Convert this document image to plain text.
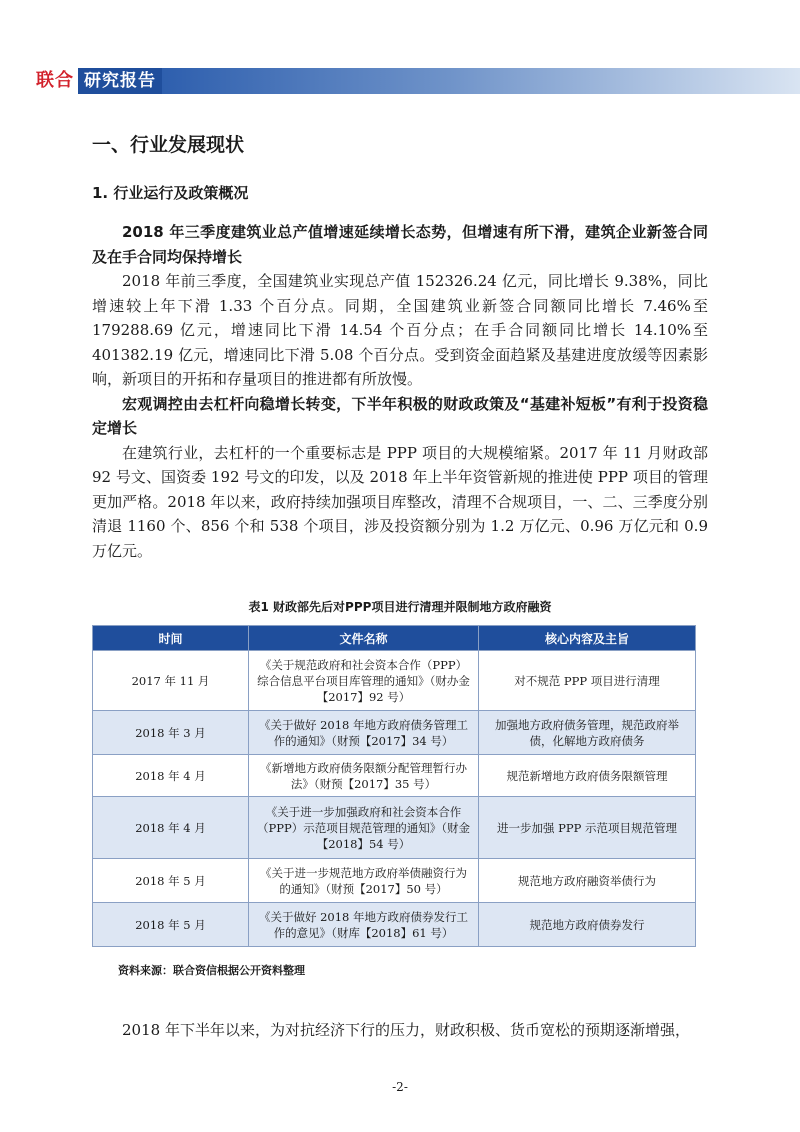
联合 研究报告
一、行业发展现状
1. 行业运行及政策概况

2018 年三季度建筑业总产值增速延续增长态势，但增速有所下滑，建筑企业新签合同及在手合同均保持增长

2018 年前三季度，全国建筑业实现总产值 152326.24 亿元，同比增长 9.38%，同比增速较上年下滑 1.33 个百分点。同期，全国建筑业新签合同额同比增长 7.46%至179288.69 亿元，增速同比下滑 14.54 个百分点；在手合同额同比增长 14.10%至 401382.19 亿元，增速同比下滑 5.08 个百分点。受到资金面趋紧及基建进度放缓等因素影响，新项目的开拓和存量项目的推进都有所放慢。

宏观调控由去杠杆向稳增长转变，下半年积极的财政政策及“基建补短板”有利于投资稳定增长

在建筑行业，去杠杆的一个重要标志是 PPP 项目的大规模缩紧。2017 年 11 月财政部 92 号文、国资委 192 号文的印发，以及 2018 年上半年资管新规的推进使 PPP 项目的管理更加严格。2018 年以来，政府持续加强项目库整改，清理不合规项目，一、二、三季度分别清退 1160 个、856 个和 538 个项目，涉及投资额分别为 1.2 万亿元、0.96 万亿元和 0.9 万亿元。

表1 财政部先后对PPP项目进行清理并限制地方政府融资
时间	文件名称	核心内容及主旨
2017 年 11 月	《关于规范政府和社会资本合作（PPP）综合信息平台项目库管理的通知》（财办金【2017】92 号）	对不规范 PPP 项目进行清理
2018 年 3 月	《关于做好 2018 年地方政府债务管理工作的通知》（财预【2017】34 号）	加强地方政府债务管理，规范政府举债，化解地方政府债务
2018 年 4 月	《新增地方政府债务限额分配管理暂行办法》（财预【2017】35 号）	规范新增地方政府债务限额管理
2018 年 4 月	《关于进一步加强政府和社会资本合作（PPP）示范项目规范管理的通知》（财金【2018】54 号）	进一步加强 PPP 示范项目规范管理
2018 年 5 月	《关于进一步规范地方政府举债融资行为的通知》（财预【2017】50 号）	规范地方政府融资举债行为
2018 年 5 月	《关于做好 2018 年地方政府债券发行工作的意见》（财库【2018】61 号）	规范地方政府债券发行
资料来源：联合资信根据公开资料整理

2018 年下半年以来，为对抗经济下行的压力，财政积极、货币宽松的预期逐渐增强，

-2-
